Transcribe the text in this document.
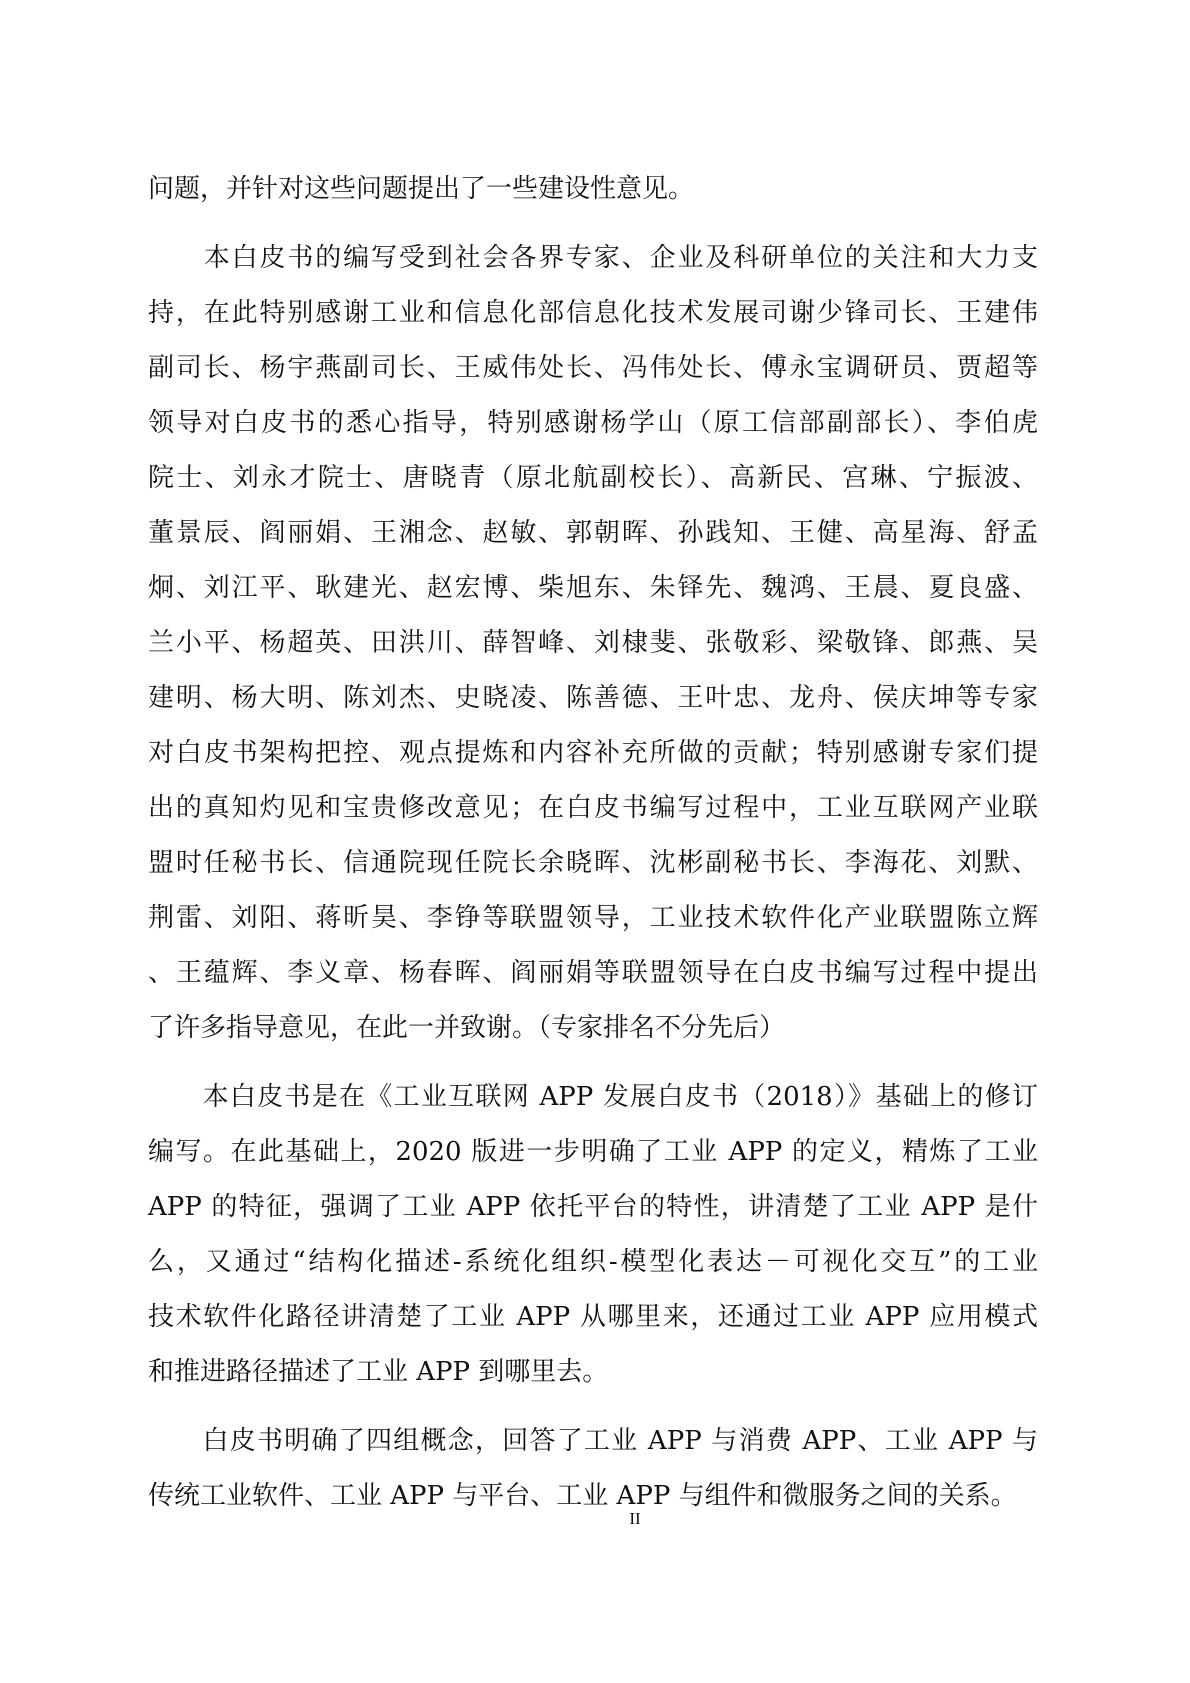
问题，并针对这些问题提出了一些建设性意见。
　　本白皮书的编写受到社会各界专家、企业及科研单位的关注和大力支
持，在此特别感谢工业和信息化部信息化技术发展司谢少锋司长、王建伟
副司长、杨宇燕副司长、王威伟处长、冯伟处长、傅永宝调研员、贾超等
领导对白皮书的悉心指导，特别感谢杨学山（原工信部副部长）、李伯虎
院士、刘永才院士、唐晓青（原北航副校长）、高新民、宫琳、宁振波、
董景辰、阎丽娟、王湘念、赵敏、郭朝晖、孙践知、王健、高星海、舒孟
炯、刘江平、耿建光、赵宏博、柴旭东、朱铎先、魏鸿、王晨、夏良盛、
兰小平、杨超英、田洪川、薛智峰、刘棣斐、张敬彩、梁敬锋、郎燕、吴
建明、杨大明、陈刘杰、史晓凌、陈善德、王叶忠、龙舟、侯庆坤等专家
对白皮书架构把控、观点提炼和内容补充所做的贡献；特别感谢专家们提
出的真知灼见和宝贵修改意见；在白皮书编写过程中，工业互联网产业联
盟时任秘书长、信通院现任院长余晓晖、沈彬副秘书长、李海花、刘默、
荆雷、刘阳、蒋昕昊、李铮等联盟领导，工业技术软件化产业联盟陈立辉
、王蕴辉、李义章、杨春晖、阎丽娟等联盟领导在白皮书编写过程中提出
了许多指导意见，在此一并致谢。（专家排名不分先后）
　　本白皮书是在《工业互联网 APP 发展白皮书（2018）》基础上的修订
编写。在此基础上，2020 版进一步明确了工业 APP 的定义，精炼了工业
APP 的特征，强调了工业 APP 依托平台的特性，讲清楚了工业 APP 是什
么，又通过“结构化描述-系统化组织-模型化表达－可视化交互”的工业
技术软件化路径讲清楚了工业 APP 从哪里来，还通过工业 APP 应用模式
和推进路径描述了工业 APP 到哪里去。
　　白皮书明确了四组概念，回答了工业 APP 与消费 APP、工业 APP 与
传统工业软件、工业 APP 与平台、工业 APP 与组件和微服务之间的关系。
II
